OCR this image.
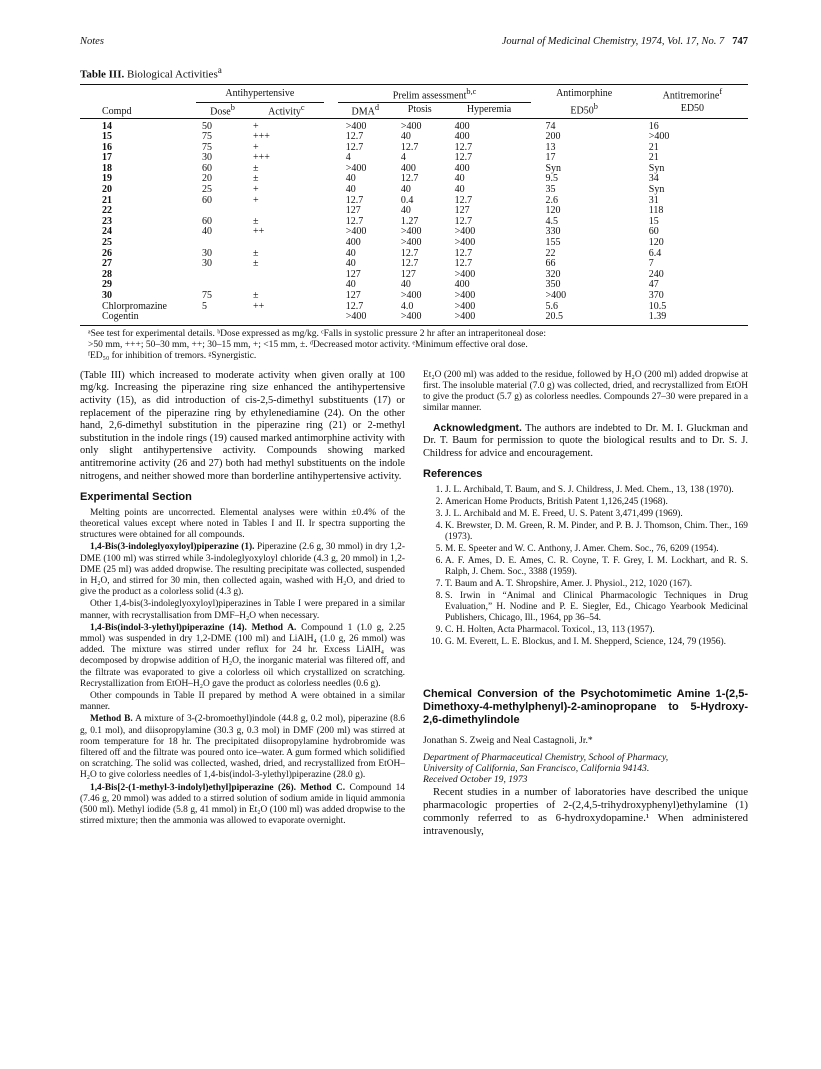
Notes	Journal of Medicinal Chemistry, 1974, Vol. 17, No. 7 747
Table III. Biological Activities$^a$
Compd	Antihypertensive			Prelim assessment$^{b,c}$			Antimorphine	Antitremorine$^f$
	Dose$^b$	Activity$^c$		DMA$^d$	Ptosis	Hyperemia	ED50$^b$	ED50
14	50	+		>400	>400	400	74	16
15	75	+++		12.7	40	400	200	>400
16	75	+		12.7	12.7	12.7	13	21
17	30	+++		4	4	12.7	17	21
18	60	±		>400	400	400	Syn	Syn
19	20	±		40	12.7	40	9.5	34
20	25	+		40	40	40	35	Syn
21	60	+		12.7	0.4	12.7	2.6	31
22				127	40	127	120	118
23	60	±		12.7	1.27	12.7	4.5	15
24	40	++		>400	>400	>400	330	60
25				400	>400	>400	155	120
26	30	±		40	12.7	12.7	22	6.4
27	30	±		40	12.7	12.7	66	7
28				127	127	>400	320	240
29				40	40	400	350	47
30	75	±		127	>400	>400	>400	370
Chlorpromazine	5	++		12.7	4.0	>400	5.6	10.5
Cogentin				>400	>400	>400	20.5	1.39
ᵃSee test for experimental details. ᵇDose expressed as mg/kg. ᶜFalls in systolic pressure 2 hr after an intraperitoneal dose:
>50 mm, +++; 50–30 mm, ++; 30–15 mm, +; <15 mm, ±. ᵈDecreased motor activity. ᵉMinimum effective oral dose.
ᶠED₅₀ for inhibition of tremors. ᵍSynergistic.

(Table III) which increased to moderate activity when given orally at 100 mg/kg. Increasing the piperazine ring size enhanced the antihypertensive activity (15), as did introduction of cis-2,5-dimethyl substituents (17) or replacement of the piperazine ring by ethylenediamine (24). On the other hand, 2,6-dimethyl substitution in the piperazine ring (21) or 2-methyl substitution in the indole rings (19) caused marked antimorphine activity with only slight antihypertensive activity. Compounds showing marked antitremorine activity (26 and 27) both had methyl substituents on the indole nitrogens, and neither showed more than borderline antihypertensive activity.

Experimental Section

Melting points are uncorrected. Elemental analyses were within ±0.4% of the theoretical values except where noted in Tables I and II. Ir spectra supporting the structures were obtained for all compounds.

1,4-Bis(3-indoleglyoxyloyl)piperazine (1). Piperazine (2.6 g, 30 mmol) in dry 1,2-DME (100 ml) was stirred while 3-indoleglyoxyloyl chloride (4.3 g, 20 mmol) in 1,2-DME (25 ml) was added dropwise. The resulting precipitate was collected, suspended in H₂O, and stirred for 30 min, then collected again, washed with H₂O, and dried to give the product as a colorless solid (4.3 g).

Other 1,4-bis(3-indoleglyoxyloyl)piperazines in Table I were prepared in a similar manner, with recrystallisation from DMF–H₂O when necessary.

1,4-Bis(indol-3-ylethyl)piperazine (14). Method A. Compound 1 (1.0 g, 2.25 mmol) was suspended in dry 1,2-DME (100 ml) and LiAlH₄ (1.0 g, 26 mmol) was added. The mixture was stirred under reflux for 24 hr. Excess LiAlH₄ was decomposed by dropwise addition of H₂O, the inorganic material was filtered off, and the filtrate was evaporated to give a colorless oil which crystallized on scratching. Recrystallization from EtOH–H₂O gave the product as colorless needles (0.6 g).

Other compounds in Table II prepared by method A were obtained in a similar manner.

Method B. A mixture of 3-(2-bromoethyl)indole (44.8 g, 0.2 mol), piperazine (8.6 g, 0.1 mol), and diisopropylamine (30.3 g, 0.3 mol) in DMF (200 ml) was stirred at room temperature for 18 hr. The precipitated diisopropylamine hydrobromide was filtered off and the filtrate was poured onto ice–water. A gum formed which solidified on scratching. The solid was collected, washed, dried, and recrystallized from EtOH–H₂O to give colorless needles of 1,4-bis(indol-3-ylethyl)piperazine (28.0 g).

1,4-Bis[2-(1-methyl-3-indolyl)ethyl]piperazine (26). Method C. Compound 14 (7.46 g, 20 mmol) was added to a stirred solution of sodium amide in liquid ammonia (500 ml). Methyl iodide (5.8 g, 41 mmol) in Et₂O (100 ml) was added dropwise to the stirred mixture; then the ammonia was allowed to evaporate overnight.

Et₂O (200 ml) was added to the residue, followed by H₂O (200 ml) added dropwise at first. The insoluble material (7.0 g) was collected, dried, and recrystallized from EtOH to give the product (5.7 g) as colorless needles. Compounds 27–30 were prepared in a similar manner.

Acknowledgment. The authors are indebted to Dr. M. I. Gluckman and Dr. T. Baum for permission to quote the biological results and to Dr. S. J. Childress for advice and encouragement.

References
1. J. L. Archibald, T. Baum, and S. J. Childress, J. Med. Chem., 13, 138 (1970).
2. American Home Products, British Patent 1,126,245 (1968).
3. J. L. Archibald and M. E. Freed, U. S. Patent 3,471,499 (1969).
4. K. Brewster, D. M. Green, R. M. Pinder, and P. B. J. Thomson, Chim. Ther., 169 (1973).
5. M. E. Speeter and W. C. Anthony, J. Amer. Chem. Soc., 76, 6209 (1954).
6. A. F. Ames, D. E. Ames, C. R. Coyne, T. F. Grey, I. M. Lockhart, and R. S. Ralph, J. Chem. Soc., 3388 (1959).
7. T. Baum and A. T. Shropshire, Amer. J. Physiol., 212, 1020 (167).
8. S. Irwin in “Animal and Clinical Pharmacologic Techniques in Drug Evaluation,” H. Nodine and P. E. Siegler, Ed., Chicago Yearbook Medicinal Publishers, Chicago, Ill., 1964, pp 36–54.
9. C. H. Holten, Acta Pharmacol. Toxicol., 13, 113 (1957).
10. G. M. Everett, L. E. Blockus, and I. M. Shepperd, Science, 124, 79 (1956).
Chemical Conversion of the Psychotomimetic Amine 1-(2,5-Dimethoxy-4-methylphenyl)-2-aminopropane to 5-Hydroxy-2,6-dimethylindole
Jonathan S. Zweig and Neal Castagnoli, Jr.*
Department of Pharmaceutical Chemistry, School of Pharmacy,
University of California, San Francisco, California 94143.
Received October 19, 1973

Recent studies in a number of laboratories have described the unique pharmacologic properties of 2-(2,4,5-trihydroxyphenyl)ethylamine (1) commonly referred to as 6-hydroxydopamine.¹ When administered intravenously,
